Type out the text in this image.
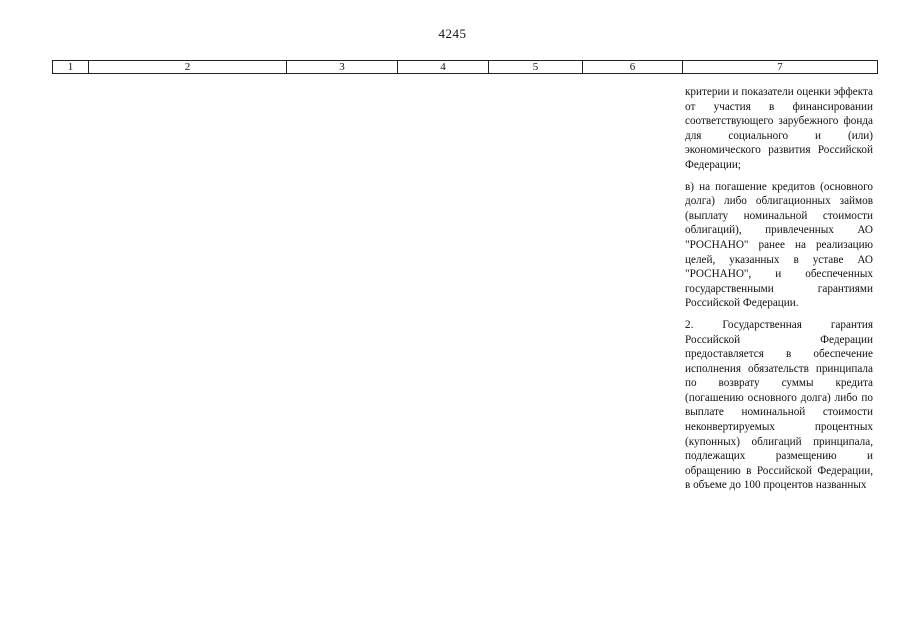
4245
1	2	3	4	5	6	7

критерии и показатели оценки эффекта от участия в финансировании соответствующего зарубежного фонда для социального и (или) экономического развития Российской Федерации;

в) на погашение кредитов (основного долга) либо облигационных займов (выплату номинальной стоимости облигаций), привлеченных АО "РОСНАНО" ранее на реализацию целей, указанных в уставе АО "РОСНАНО", и обеспеченных государственными гарантиями Российской Федерации.

2. Государственная гарантия Российской Федерации предоставляется в обеспечение исполнения обязательств принципала по возврату суммы кредита (погашению основного долга) либо по выплате номинальной стоимости неконвертируемых процентных (купонных) облигаций принципала, подлежащих размещению и обращению в Российской Федерации, в объеме до 100 процентов названных
